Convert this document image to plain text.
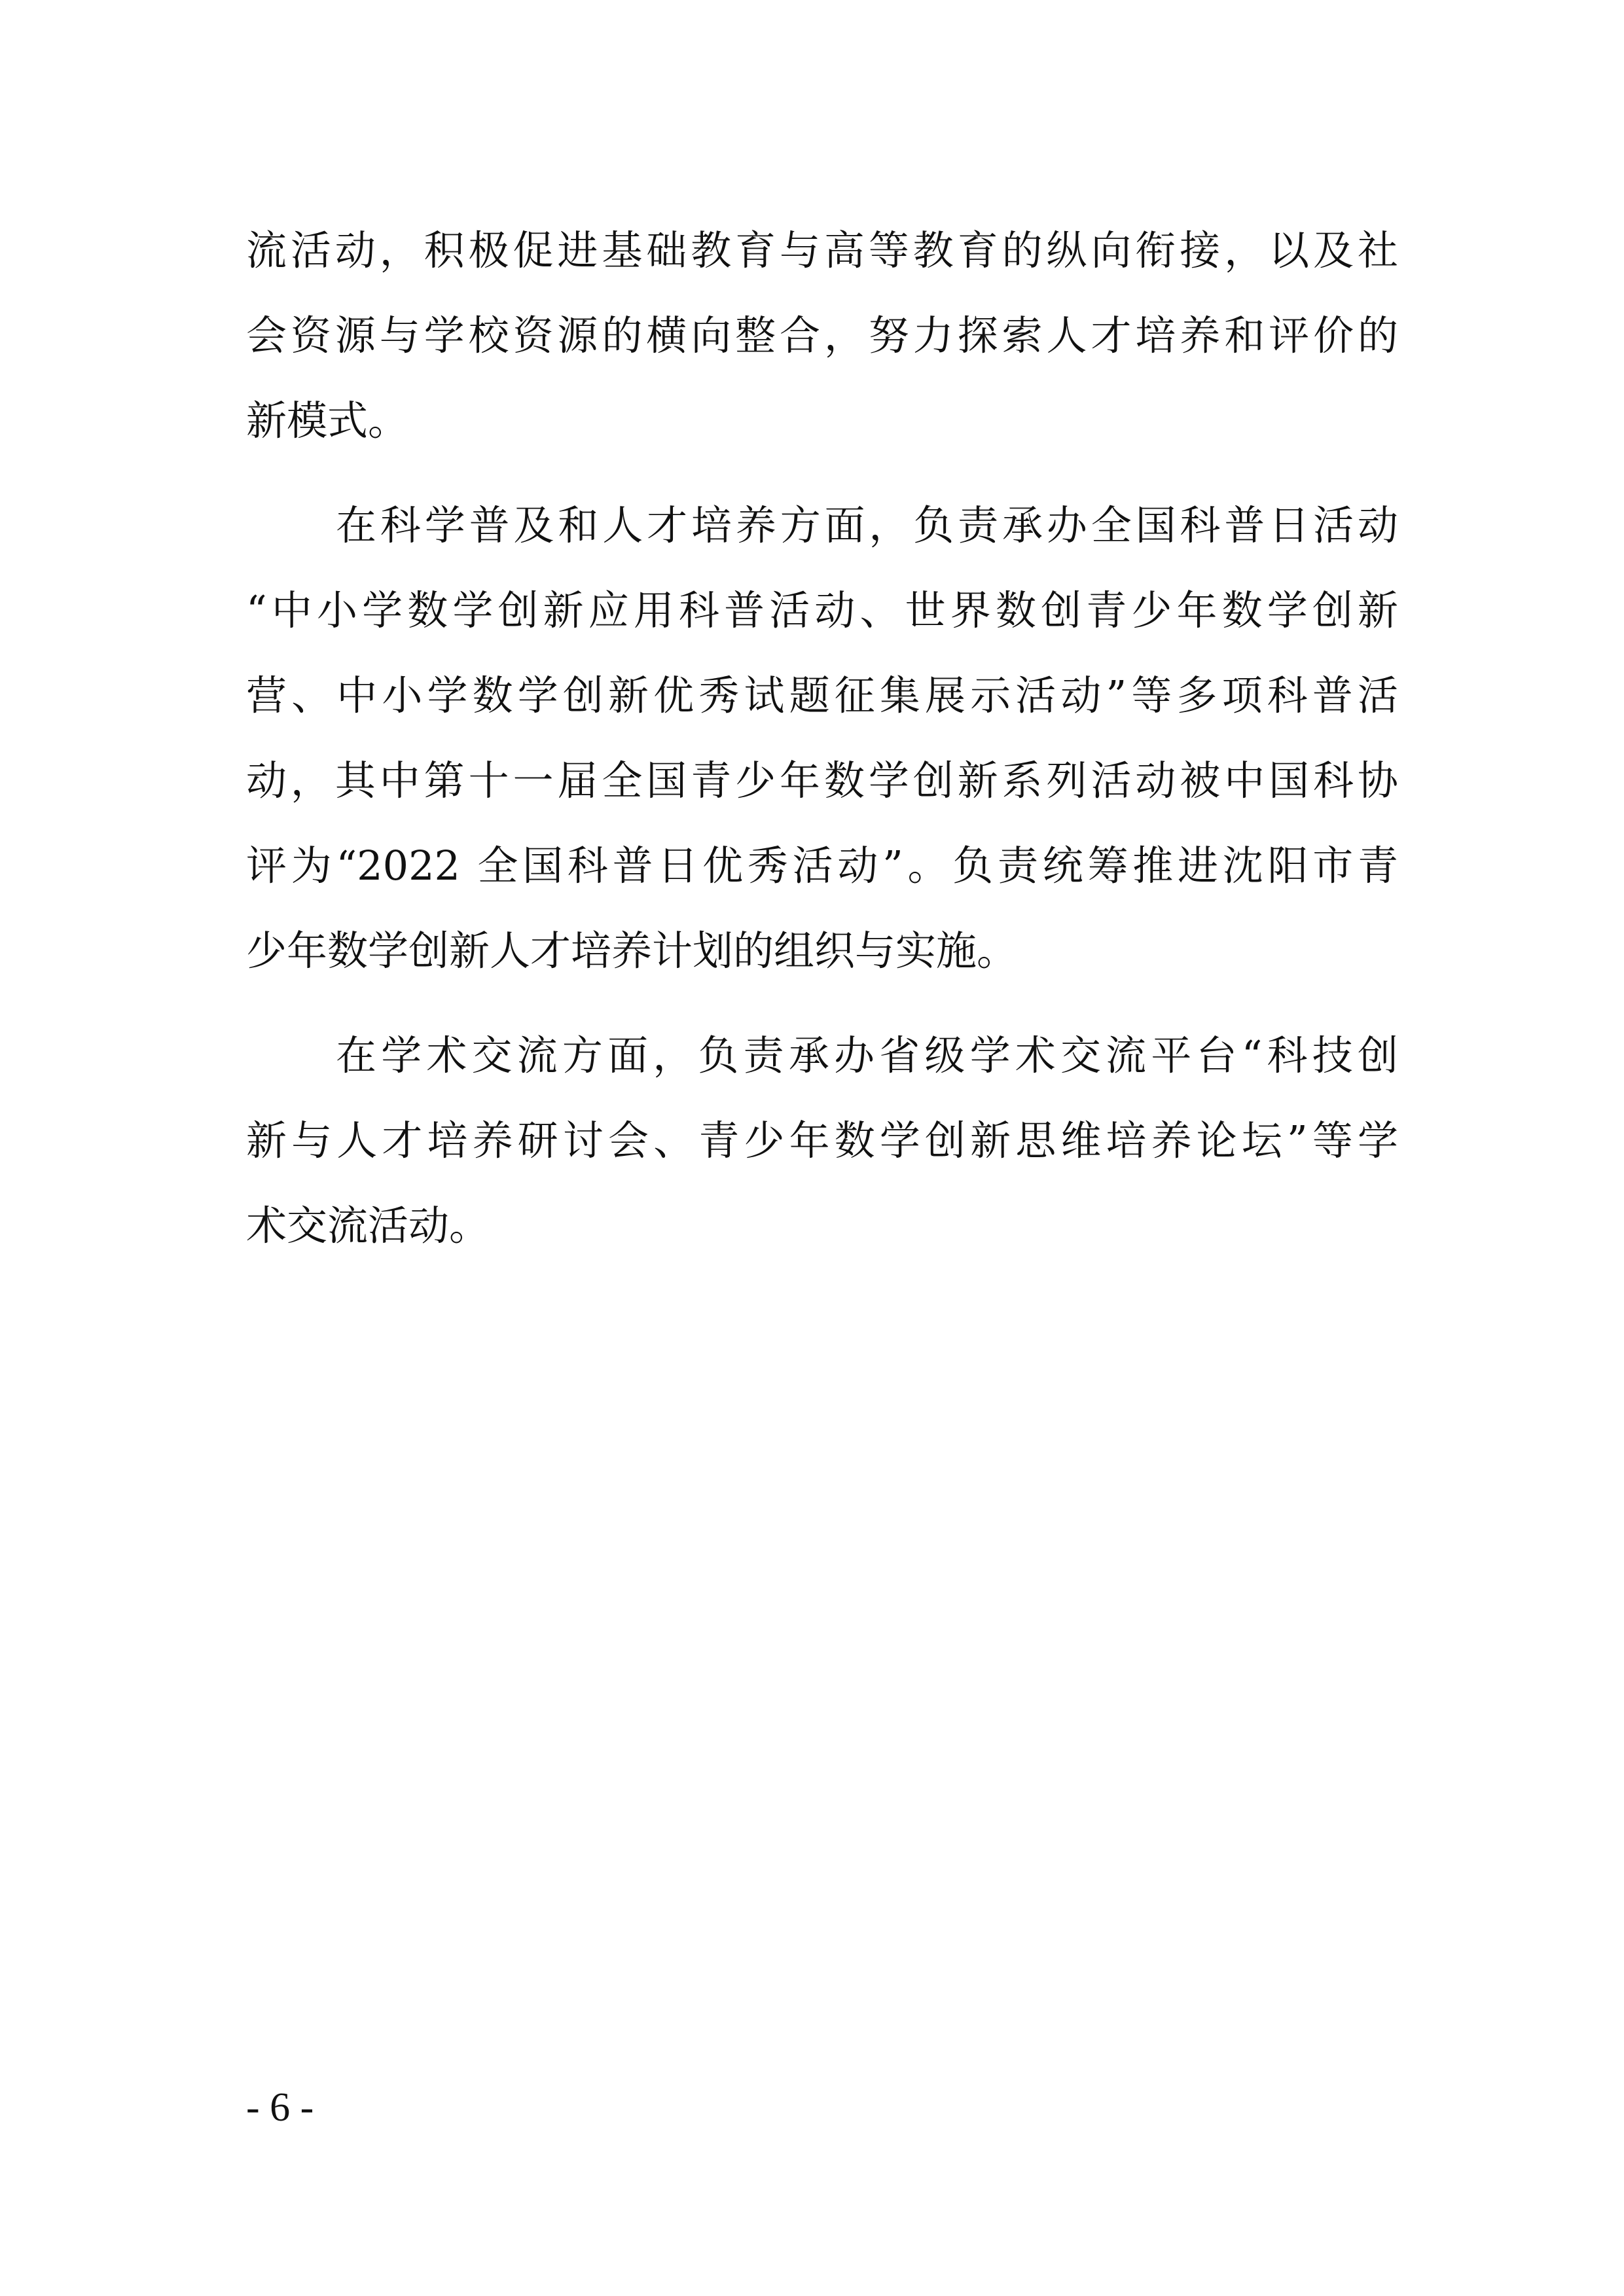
流活动，积极促进基础教育与高等教育的纵向衔接，以及社
会资源与学校资源的横向整合，努力探索人才培养和评价的
新模式。
在科学普及和人才培养方面，负责承办全国科普日活动
“中小学数学创新应用科普活动、世界数创青少年数学创新
营、中小学数学创新优秀试题征集展示活动”等多项科普活
动，其中第十一届全国青少年数学创新系列活动被中国科协
评为“2022 全国科普日优秀活动”。负责统筹推进沈阳市青
少年数学创新人才培养计划的组织与实施。
在学术交流方面，负责承办省级学术交流平台“科技创
新与人才培养研讨会、青少年数学创新思维培养论坛”等学
术交流活动。
- 6 -
